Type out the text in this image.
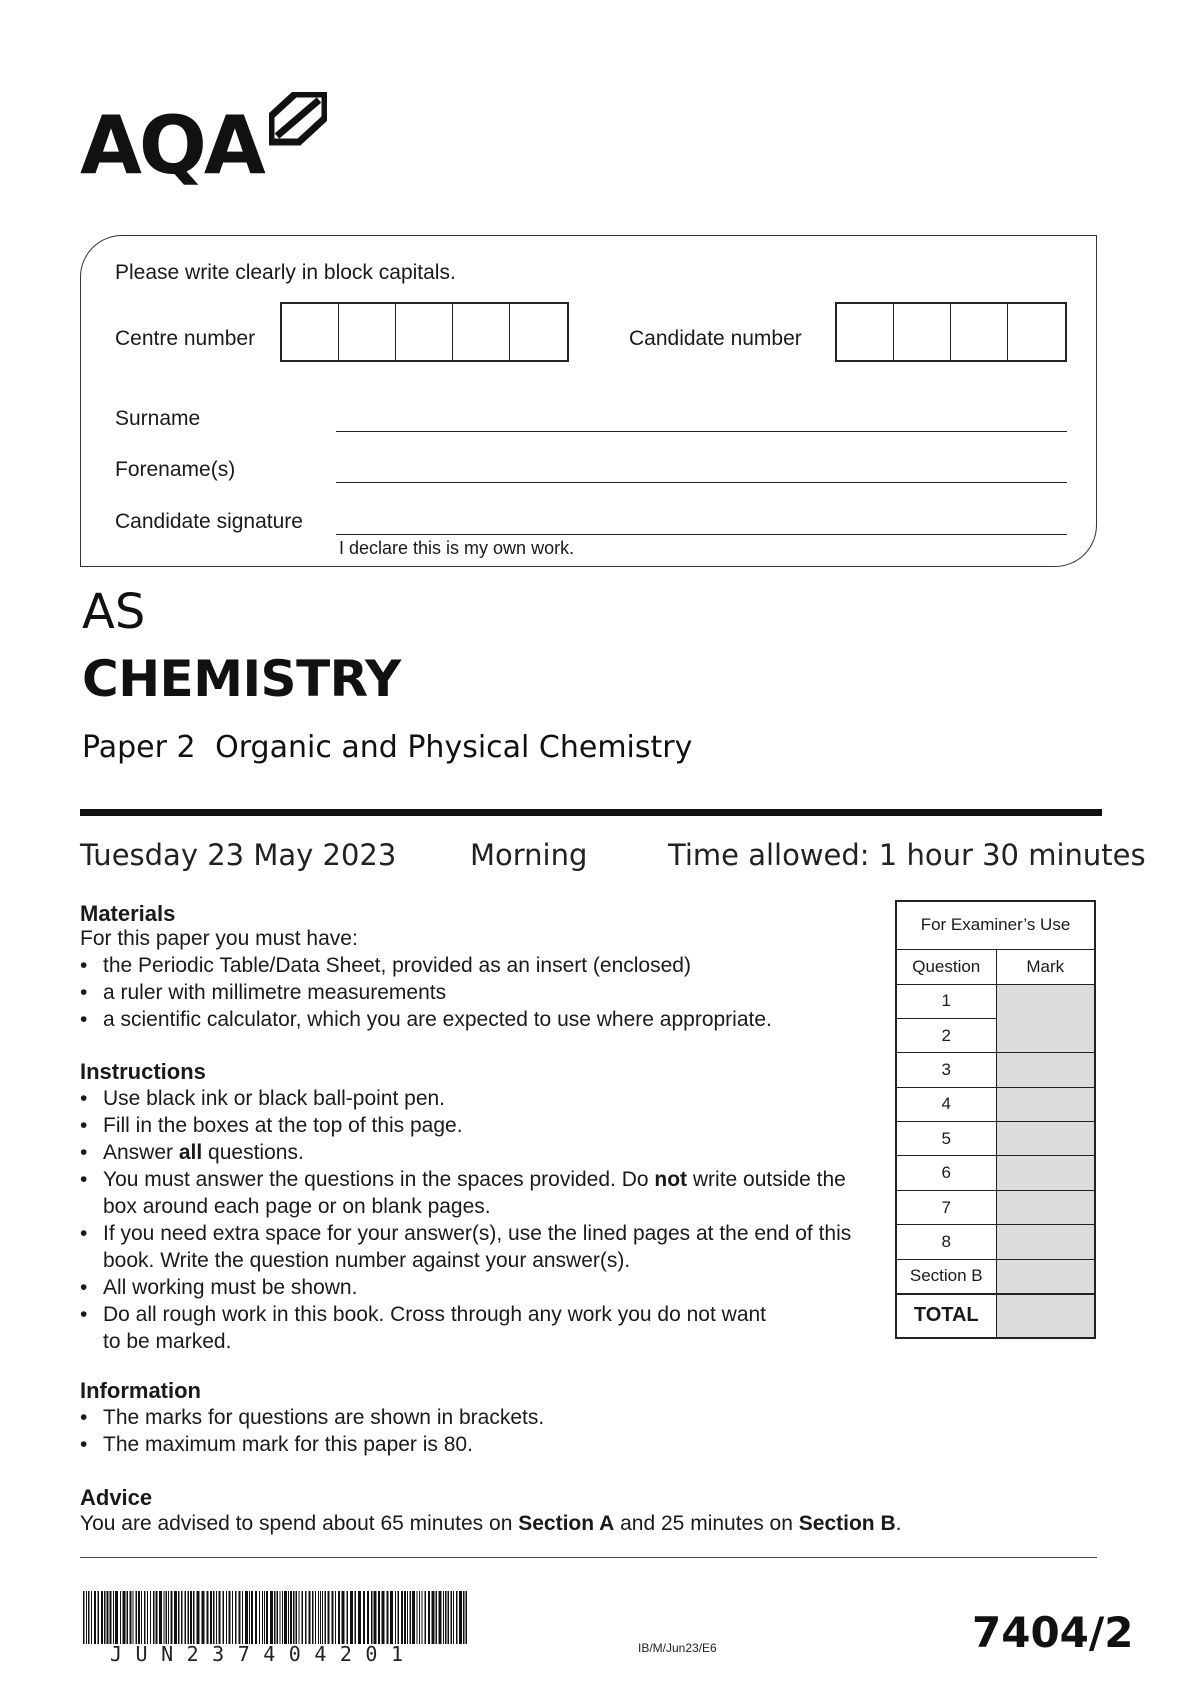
AQA
Please write clearly in block capitals.
Centre number	Candidate number
Surname
Forename(s)
Candidate signature
I declare this is my own work.
AS
CHEMISTRY
Paper 2 Organic and Physical Chemistry
Tuesday 23 May 2023	Morning	Time allowed: 1 hour 30 minutes
Materials
For this paper you must have:
• the Periodic Table/Data Sheet, provided as an insert (enclosed)
• a ruler with millimetre measurements
• a scientific calculator, which you are expected to use where appropriate.
Instructions
• Use black ink or black ball-point pen.
• Fill in the boxes at the top of this page.
• Answer all questions.
• You must answer the questions in the spaces provided. Do not write outside the box around each page or on blank pages.
• If you need extra space for your answer(s), use the lined pages at the end of this book. Write the question number against your answer(s).
• All working must be shown.
• Do all rough work in this book. Cross through any work you do not want to be marked.
Information
• The marks for questions are shown in brackets.
• The maximum mark for this paper is 80.
Advice
You are advised to spend about 65 minutes on Section A and 25 minutes on Section B.
For Examiner’s Use	
Question	Mark
1	
2	
3	
4	
5	
6	
7	
8	
Section B	
TOTAL	
JUN237404201	IB/M/Jun23/E6	7404/2
